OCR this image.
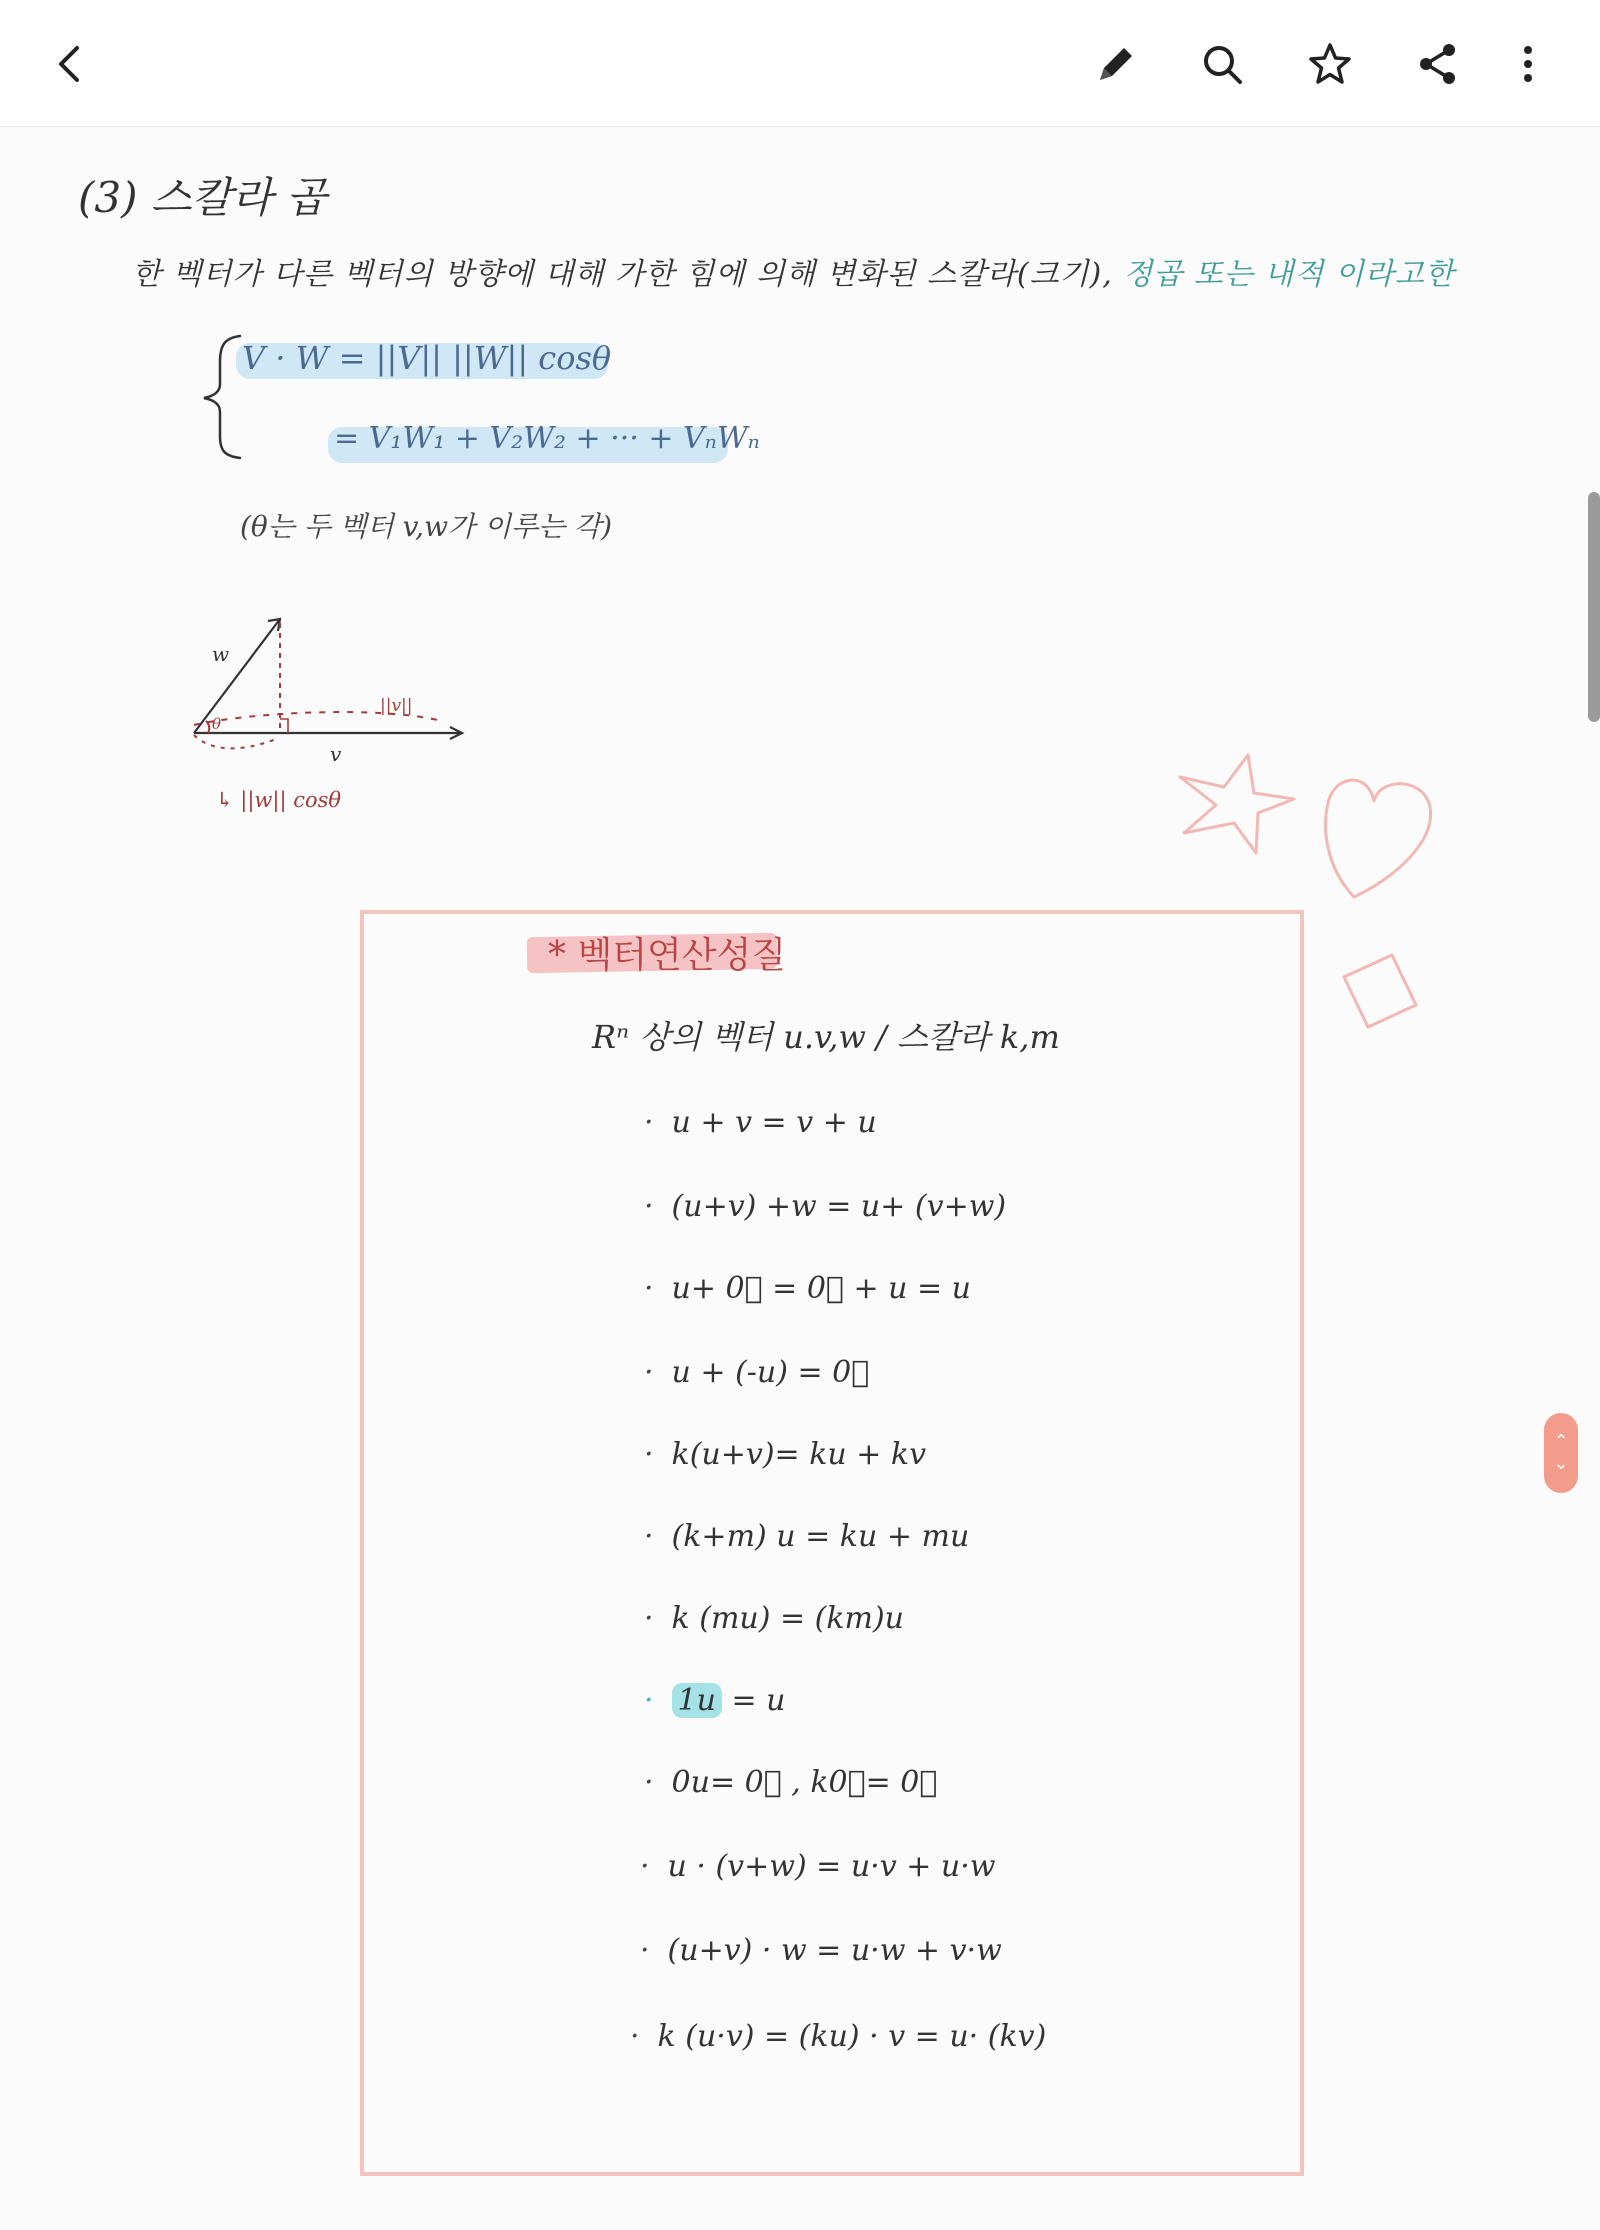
(3) 스칼라 곱
한 벡터가 다른 벡터의 방향에 대해 가한 힘에 의해 변화된 스칼라(크기), 정곱 또는 내적 이라고한
V · W = ||V|| ||W|| cosθ
= V₁W₁ + V₂W₂ + ··· + VₙWₙ
(θ는 두 벡터 v,w가 이루는 각)
w
v
θ
||v||
↳ ||w|| cosθ
* 벡터연산성질
Rⁿ 상의 벡터 u.v,w / 스칼라 k,m
· u + v = v + u
· (u+v) +w = u+ (v+w)
· u+ 0⃗ = 0⃗ + u = u
· u + (-u) = 0⃗
· k(u+v)= ku + kv
· (k+m) u = ku + mu
· k (mu) = (km)u
· 1u = u
· 0u= 0⃗ , k0⃗= 0⃗
· u · (v+w) = u·v + u·w
· (u+v) · w = u·w + v·w
· k (u·v) = (ku) · v = u· (kv)
⌃
⌄
